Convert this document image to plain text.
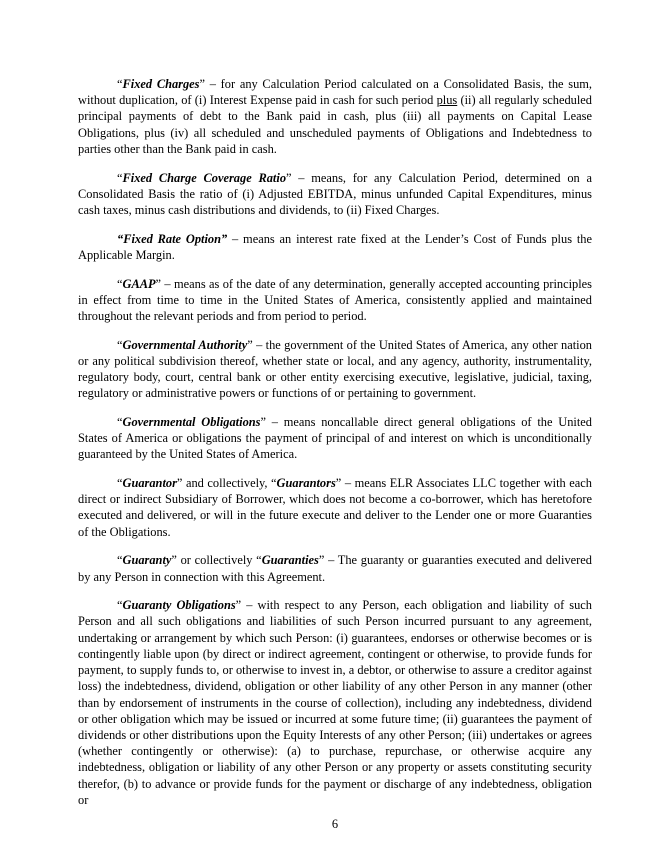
“Fixed Charges” – for any Calculation Period calculated on a Consolidated Basis, the sum, without duplication, of (i) Interest Expense paid in cash for such period plus (ii) all regularly scheduled principal payments of debt to the Bank paid in cash, plus (iii) all payments on Capital Lease Obligations, plus (iv) all scheduled and unscheduled payments of Obligations and Indebtedness to parties other than the Bank paid in cash.

“Fixed Charge Coverage Ratio” – means, for any Calculation Period, determined on a Consolidated Basis the ratio of (i) Adjusted EBITDA, minus unfunded Capital Expenditures, minus cash taxes, minus cash distributions and dividends, to (ii) Fixed Charges.

“Fixed Rate Option” – means an interest rate fixed at the Lender’s Cost of Funds plus the Applicable Margin.

“GAAP” – means as of the date of any determination, generally accepted accounting principles in effect from time to time in the United States of America, consistently applied and maintained throughout the relevant periods and from period to period.

“Governmental Authority” – the government of the United States of America, any other nation or any political subdivision thereof, whether state or local, and any agency, authority, instrumentality, regulatory body, court, central bank or other entity exercising executive, legislative, judicial, taxing, regulatory or administrative powers or functions of or pertaining to government.

“Governmental Obligations” – means noncallable direct general obligations of the United States of America or obligations the payment of principal of and interest on which is unconditionally guaranteed by the United States of America.

“Guarantor” and collectively, “Guarantors” – means ELR Associates LLC together with each direct or indirect Subsidiary of Borrower, which does not become a co-borrower, which has heretofore executed and delivered, or will in the future execute and deliver to the Lender one or more Guaranties of the Obligations.

“Guaranty” or collectively “Guaranties” – The guaranty or guaranties executed and delivered by any Person in connection with this Agreement.

“Guaranty Obligations” – with respect to any Person, each obligation and liability of such Person and all such obligations and liabilities of such Person incurred pursuant to any agreement, undertaking or arrangement by which such Person: (i) guarantees, endorses or otherwise becomes or is contingently liable upon (by direct or indirect agreement, contingent or otherwise, to provide funds for payment, to supply funds to, or otherwise to invest in, a debtor, or otherwise to assure a creditor against loss) the indebtedness, dividend, obligation or other liability of any other Person in any manner (other than by endorsement of instruments in the course of collection), including any indebtedness, dividend or other obligation which may be issued or incurred at some future time; (ii) guarantees the payment of dividends or other distributions upon the Equity Interests of any other Person; (iii) undertakes or agrees (whether contingently or otherwise): (a) to purchase, repurchase, or otherwise acquire any indebtedness, obligation or liability of any other Person or any property or assets constituting security therefor, (b) to advance or provide funds for the payment or discharge of any indebtedness, obligation or

6
